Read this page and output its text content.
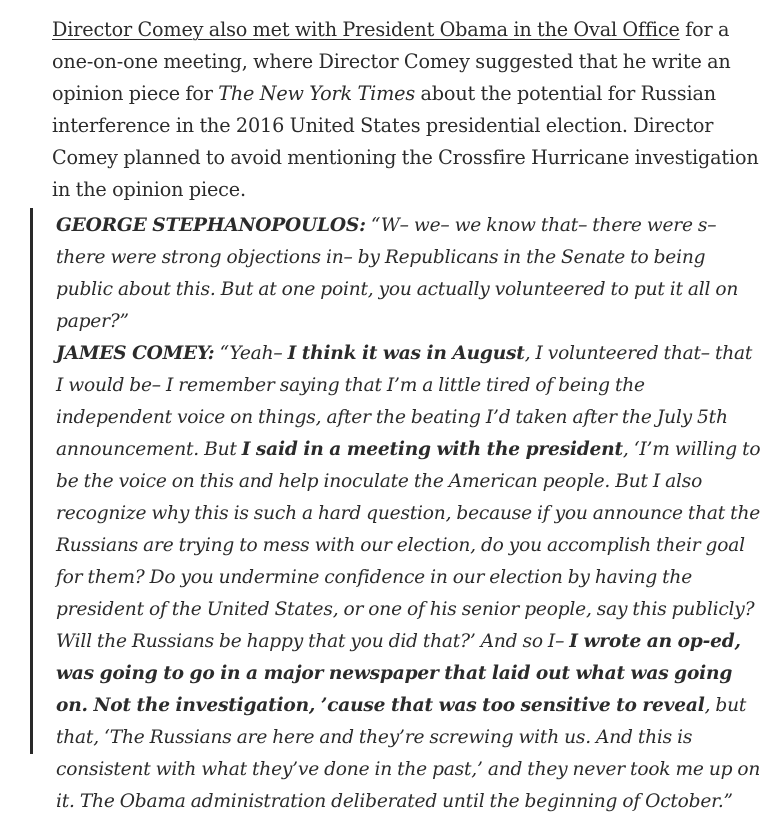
Director Comey also met with President Obama in the Oval Office for a one-on-one meeting, where Director Comey suggested that he write an opinion piece for The New York Times about the potential for Russian interference in the 2016 United States presidential election. Director Comey planned to avoid mentioning the Crossfire Hurricane investigation in the opinion piece.

GEORGE STEPHANOPOULOS: “W– we– we know that– there were s– there were strong objections in– by Republicans in the Senate to being public about this. But at one point, you actually volunteered to put it all on paper?”
JAMES COMEY: “Yeah– I think it was in August, I volunteered that– that I would be– I remember saying that I’m a little tired of being the independent voice on things, after the beating I’d taken after the July 5th announcement. But I said in a meeting with the president, ‘I’m willing to be the voice on this and help inoculate the American people. But I also recognize why this is such a hard question, because if you announce that the Russians are trying to mess with our election, do you accomplish their goal for them? Do you undermine confidence in our election by having the president of the United States, or one of his senior people, say this publicly? Will the Russians be happy that you did that?’ And so I– I wrote an op-ed, was going to go in a major newspaper that laid out what was going on. Not the investigation, ’cause that was too sensitive to reveal, but that, ‘The Russians are here and they’re screwing with us. And this is consistent with what they’ve done in the past,’ and they never took me up on it. The Obama administration deliberated until the beginning of October.”
